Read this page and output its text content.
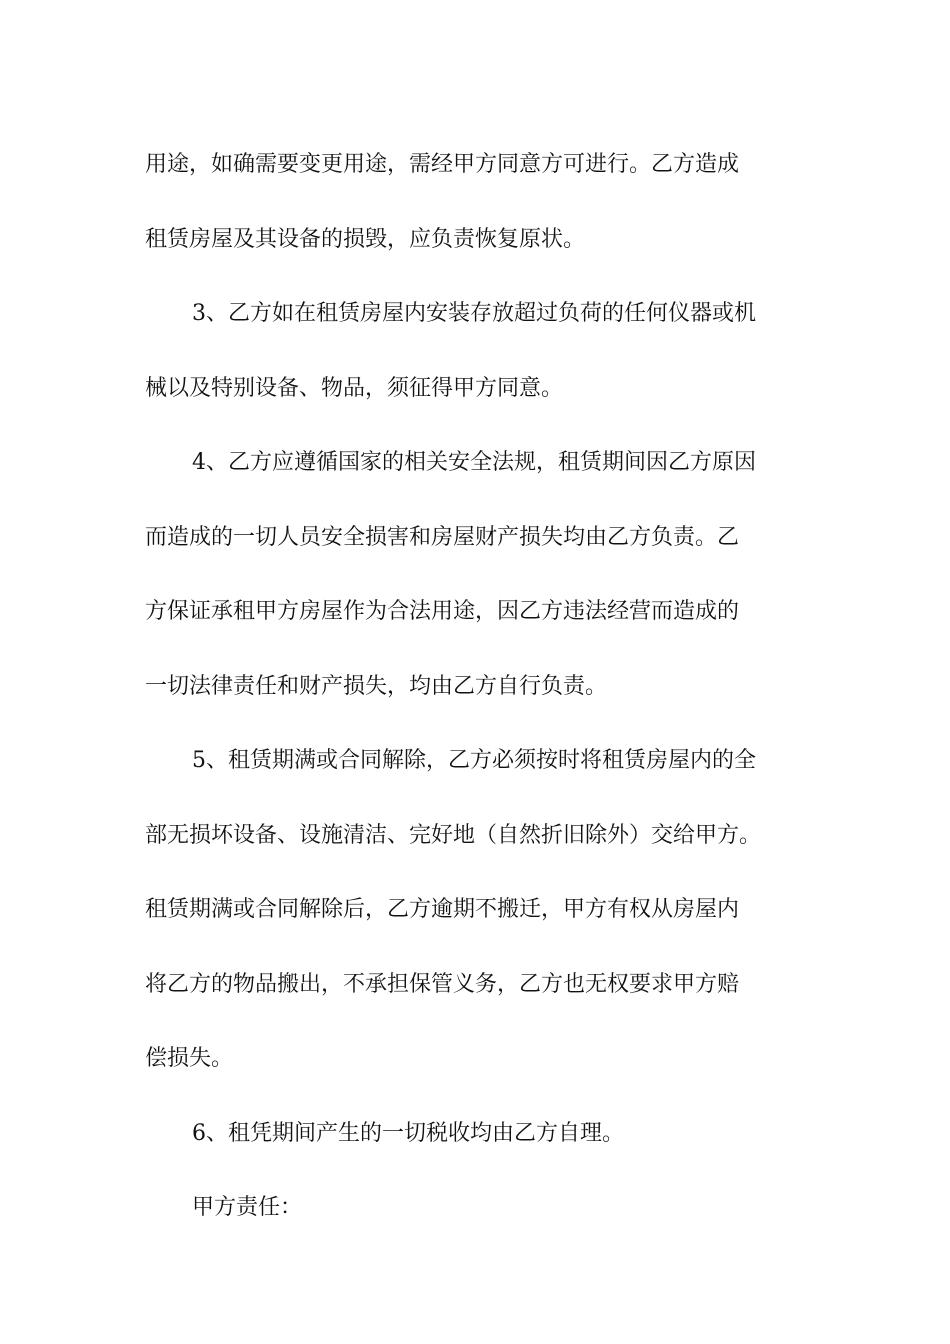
用途，如确需要变更用途，需经甲方同意方可进行。乙方造成
租赁房屋及其设备的损毁，应负责恢复原状。
3、乙方如在租赁房屋内安装存放超过负荷的任何仪器或机
械以及特别设备、物品，须征得甲方同意。
4、乙方应遵循国家的相关安全法规，租赁期间因乙方原因
而造成的一切人员安全损害和房屋财产损失均由乙方负责。乙
方保证承租甲方房屋作为合法用途，因乙方违法经营而造成的
一切法律责任和财产损失，均由乙方自行负责。
5、租赁期满或合同解除，乙方必须按时将租赁房屋内的全
部无损坏设备、设施清洁、完好地（自然折旧除外）交给甲方。
租赁期满或合同解除后，乙方逾期不搬迁，甲方有权从房屋内
将乙方的物品搬出，不承担保管义务，乙方也无权要求甲方赔
偿损失。
6、租凭期间产生的一切税收均由乙方自理。
甲方责任：
